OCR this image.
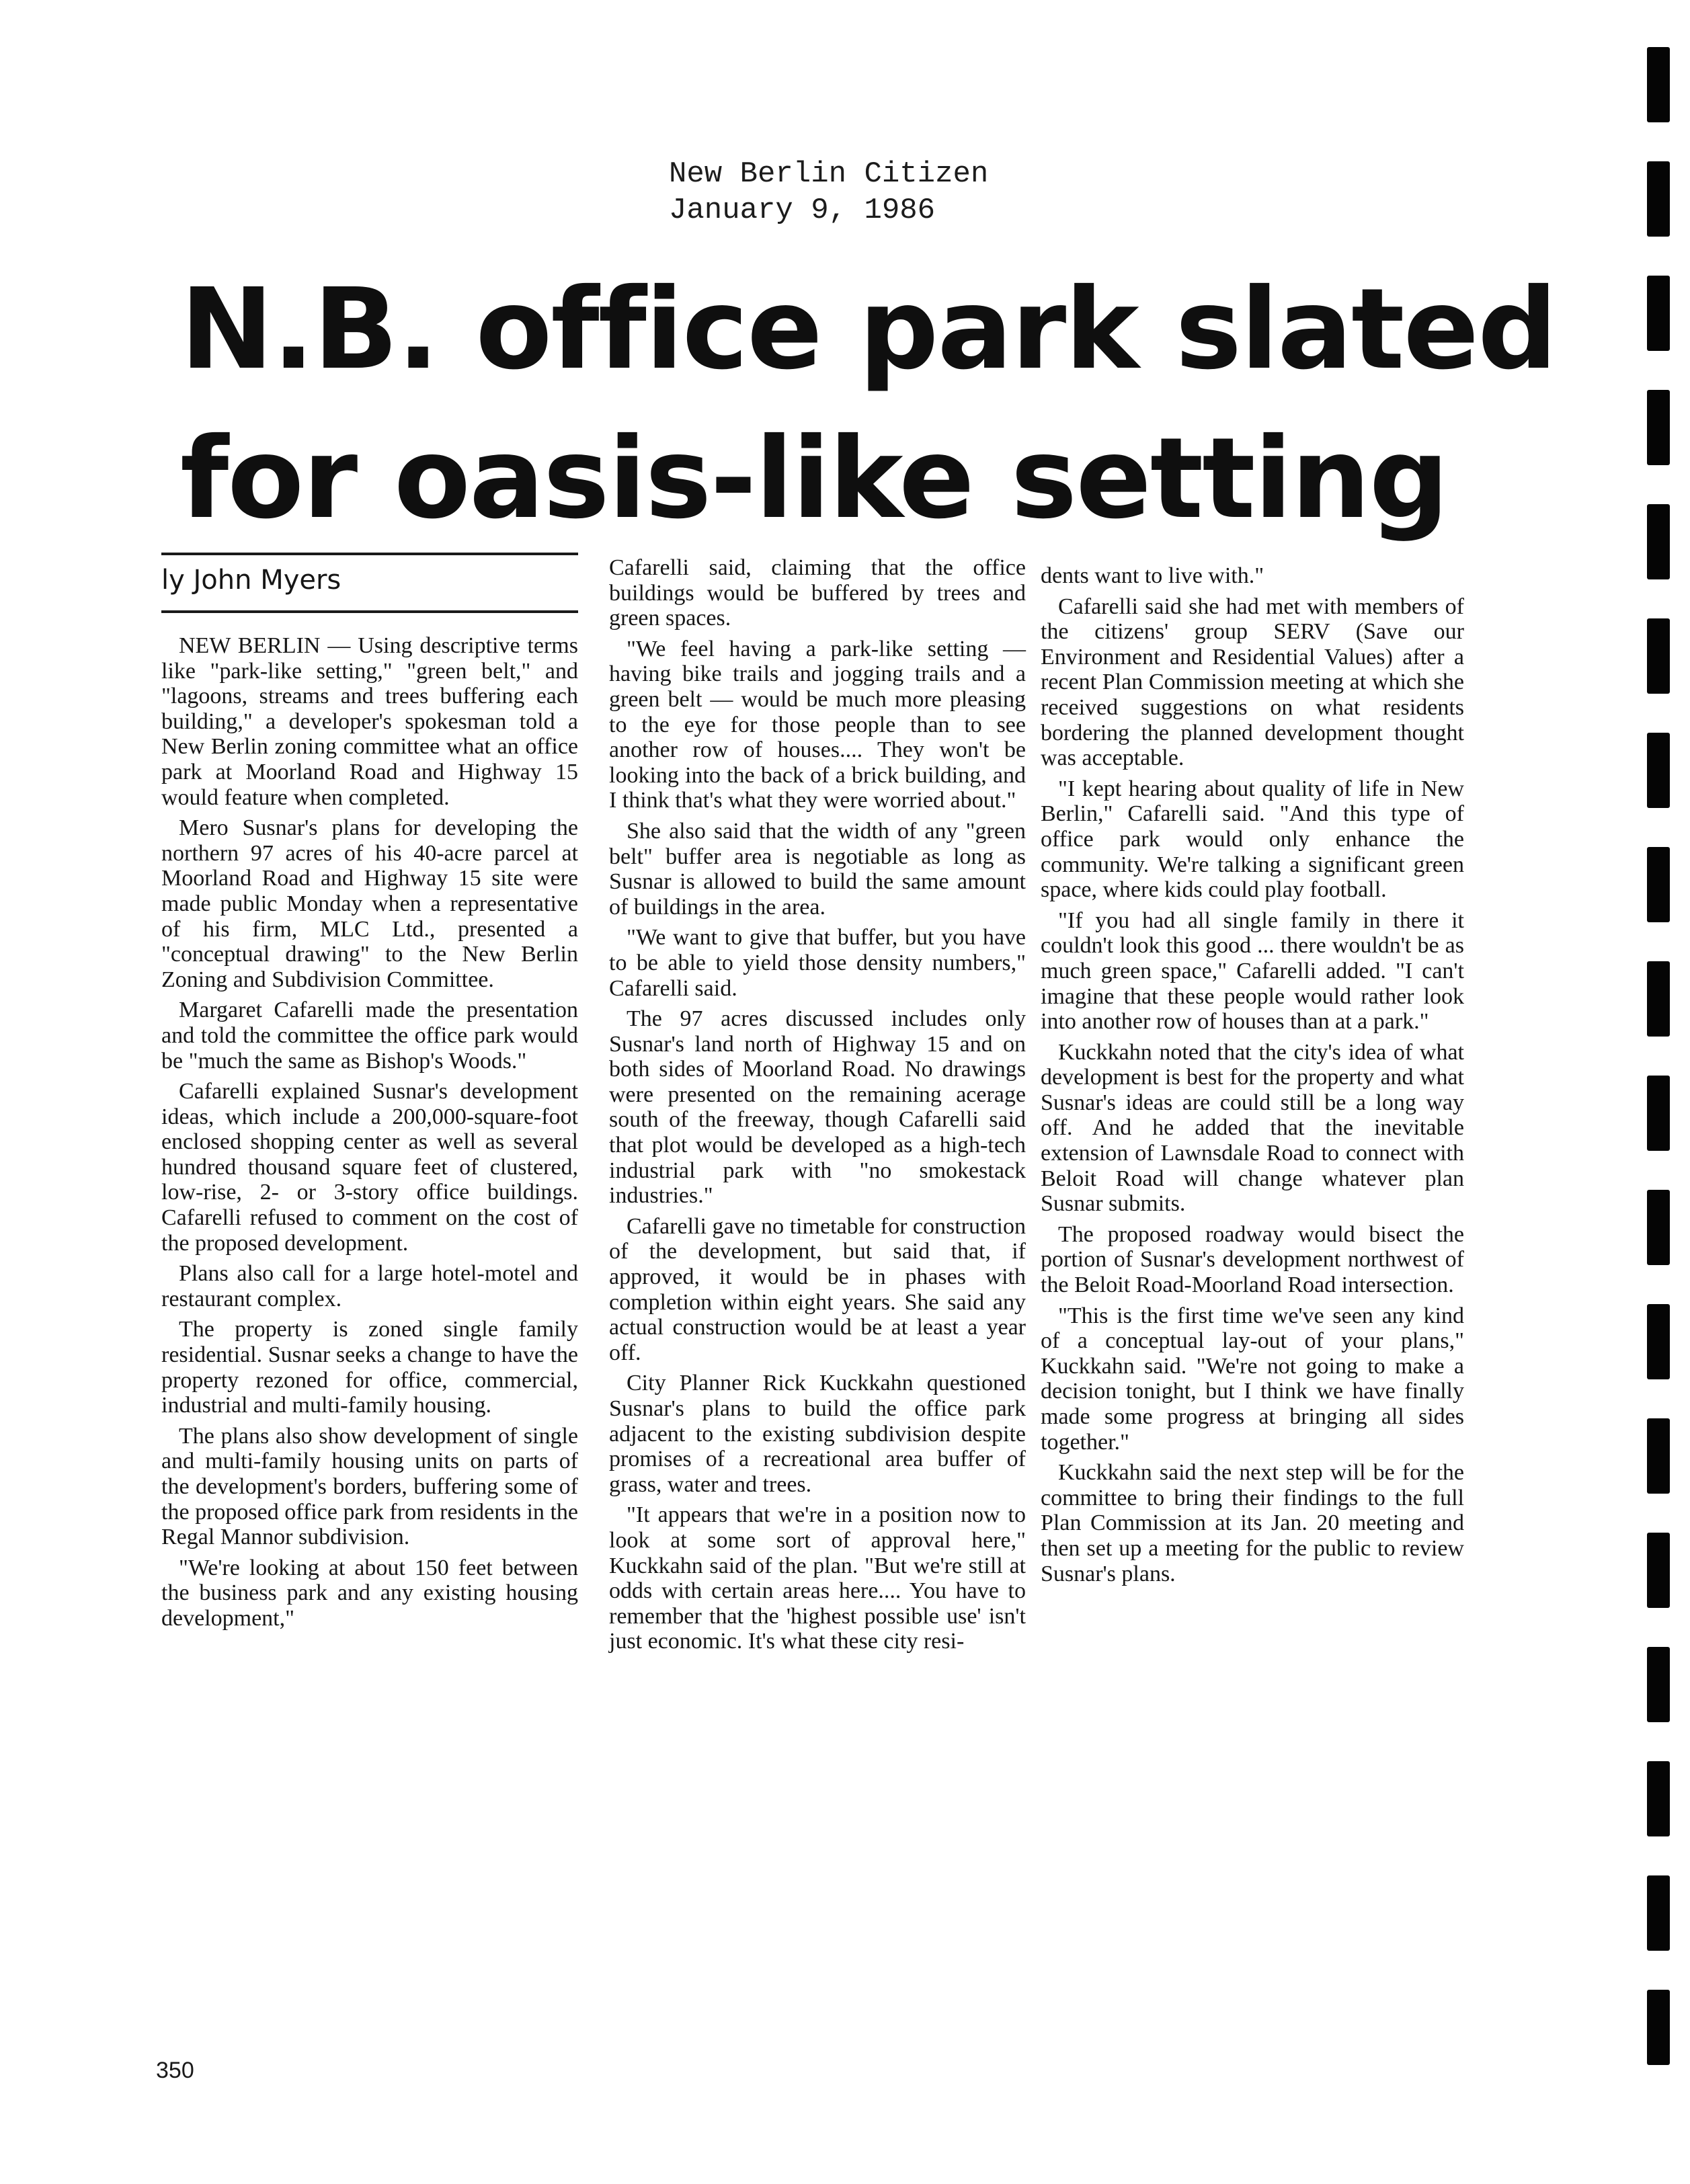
New Berlin Citizen
January 9, 1986
N.B. office park slated
for oasis-like setting
ly John Myers

NEW BERLIN — Using descriptive terms like "park-like setting," "green belt," and "lagoons, streams and trees buffering each building," a developer's spokesman told a New Berlin zoning committee what an office park at Moorland Road and Highway 15 would feature when completed.

Mero Susnar's plans for developing the northern 97 acres of his 40-acre parcel at Moorland Road and Highway 15 site were made public Monday when a representative of his firm, MLC Ltd., presented a "conceptual drawing" to the New Berlin Zoning and Subdivision Committee.

Margaret Cafarelli made the presentation and told the committee the office park would be "much the same as Bishop's Woods."

Cafarelli explained Susnar's development ideas, which include a 200,000-square-foot enclosed shopping center as well as several hundred thousand square feet of clustered, low-rise, 2- or 3-story office buildings. Cafarelli refused to comment on the cost of the proposed development.

Plans also call for a large hotel-motel and restaurant complex.

The property is zoned single family residential. Susnar seeks a change to have the property rezoned for office, commercial, industrial and multi-family housing.

The plans also show development of single and multi-family housing units on parts of the development's borders, buffering some of the proposed office park from residents in the Regal Mannor subdivision.

"We're looking at about 150 feet between the business park and any existing housing development,"

Cafarelli said, claiming that the office buildings would be buffered by trees and green spaces.

"We feel having a park-like setting — having bike trails and jogging trails and a green belt — would be much more pleasing to the eye for those people than to see another row of houses.... They won't be looking into the back of a brick building, and I think that's what they were worried about."

She also said that the width of any "green belt" buffer area is negotiable as long as Susnar is allowed to build the same amount of buildings in the area.

"We want to give that buffer, but you have to be able to yield those density numbers," Cafarelli said.

The 97 acres discussed includes only Susnar's land north of Highway 15 and on both sides of Moorland Road. No drawings were presented on the remaining acerage south of the freeway, though Cafarelli said that plot would be developed as a high-tech industrial park with "no smokestack industries."

Cafarelli gave no timetable for construction of the development, but said that, if approved, it would be in phases with completion within eight years. She said any actual construction would be at least a year off.

City Planner Rick Kuckkahn questioned Susnar's plans to build the office park adjacent to the existing subdivision despite promises of a recreational area buffer of grass, water and trees.

"It appears that we're in a position now to look at some sort of approval here," Kuckkahn said of the plan. "But we're still at odds with certain areas here.... You have to remember that the 'highest possible use' isn't just economic. It's what these city resi-

dents want to live with."

Cafarelli said she had met with members of the citizens' group SERV (Save our Environment and Residential Values) after a recent Plan Commission meeting at which she received suggestions on what residents bordering the planned development thought was acceptable.

"I kept hearing about quality of life in New Berlin," Cafarelli said. "And this type of office park would only enhance the community. We're talking a significant green space, where kids could play football.

"If you had all single family in there it couldn't look this good ... there wouldn't be as much green space," Cafarelli added. "I can't imagine that these people would rather look into another row of houses than at a park."

Kuckkahn noted that the city's idea of what development is best for the property and what Susnar's ideas are could still be a long way off. And he added that the inevitable extension of Lawnsdale Road to connect with Beloit Road will change whatever plan Susnar submits.

The proposed roadway would bisect the portion of Susnar's development northwest of the Beloit Road-Moorland Road intersection.

"This is the first time we've seen any kind of a conceptual lay-out of your plans," Kuckkahn said. "We're not going to make a decision tonight, but I think we have finally made some progress at bringing all sides together."

Kuckkahn said the next step will be for the committee to bring their findings to the full Plan Commission at its Jan. 20 meeting and then set up a meeting for the public to review Susnar's plans.

350
